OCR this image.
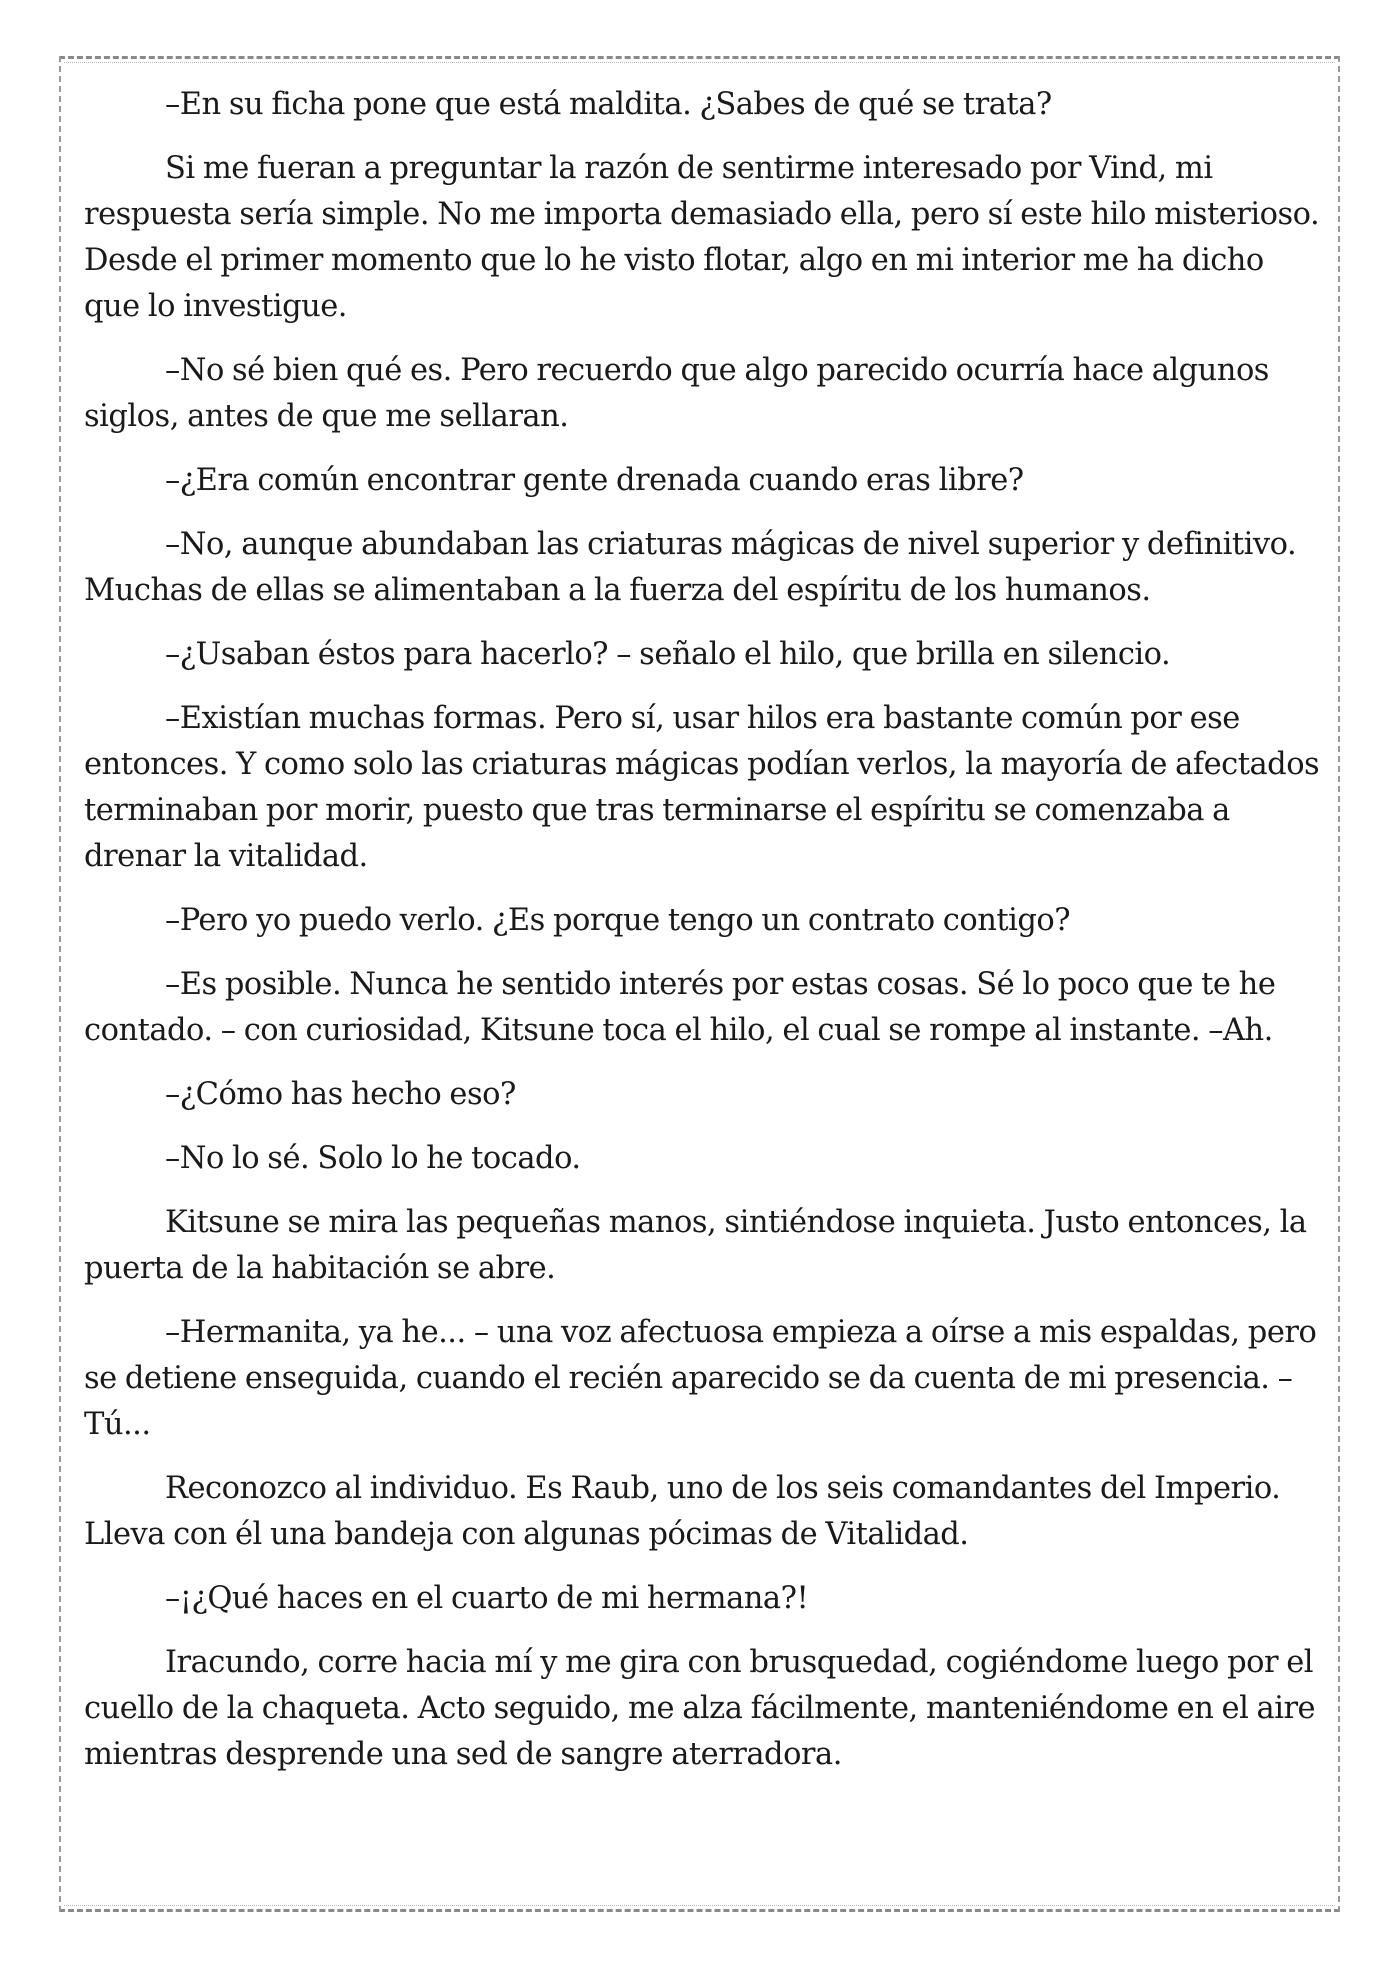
–En su ficha pone que está maldita. ¿Sabes de qué se trata?

Si me fueran a preguntar la razón de sentirme interesado por Vind, mi respuesta sería simple. No me importa demasiado ella, pero sí este hilo misterioso. Desde el primer momento que lo he visto flotar, algo en mi interior me ha dicho que lo investigue.

–No sé bien qué es. Pero recuerdo que algo parecido ocurría hace algunos siglos, antes de que me sellaran.

–¿Era común encontrar gente drenada cuando eras libre?

–No, aunque abundaban las criaturas mágicas de nivel superior y definitivo. Muchas de ellas se alimentaban a la fuerza del espíritu de los humanos.

–¿Usaban éstos para hacerlo? – señalo el hilo, que brilla en silencio.

–Existían muchas formas. Pero sí, usar hilos era bastante común por ese entonces. Y como solo las criaturas mágicas podían verlos, la mayoría de afectados terminaban por morir, puesto que tras terminarse el espíritu se comenzaba a drenar la vitalidad.

–Pero yo puedo verlo. ¿Es porque tengo un contrato contigo?

–Es posible. Nunca he sentido interés por estas cosas. Sé lo poco que te he contado. – con curiosidad, Kitsune toca el hilo, el cual se rompe al instante. –Ah.

–¿Cómo has hecho eso?

–No lo sé. Solo lo he tocado.

Kitsune se mira las pequeñas manos, sintiéndose inquieta. Justo entonces, la puerta de la habitación se abre.

–Hermanita, ya he... – una voz afectuosa empieza a oírse a mis espaldas, pero se detiene enseguida, cuando el recién aparecido se da cuenta de mi presencia. –Tú...

Reconozco al individuo. Es Raub, uno de los seis comandantes del Imperio. Lleva con él una bandeja con algunas pócimas de Vitalidad.

–¡¿Qué haces en el cuarto de mi hermana?!

Iracundo, corre hacia mí y me gira con brusquedad, cogiéndome luego por el cuello de la chaqueta. Acto seguido, me alza fácilmente, manteniéndome en el aire mientras desprende una sed de sangre aterradora.
